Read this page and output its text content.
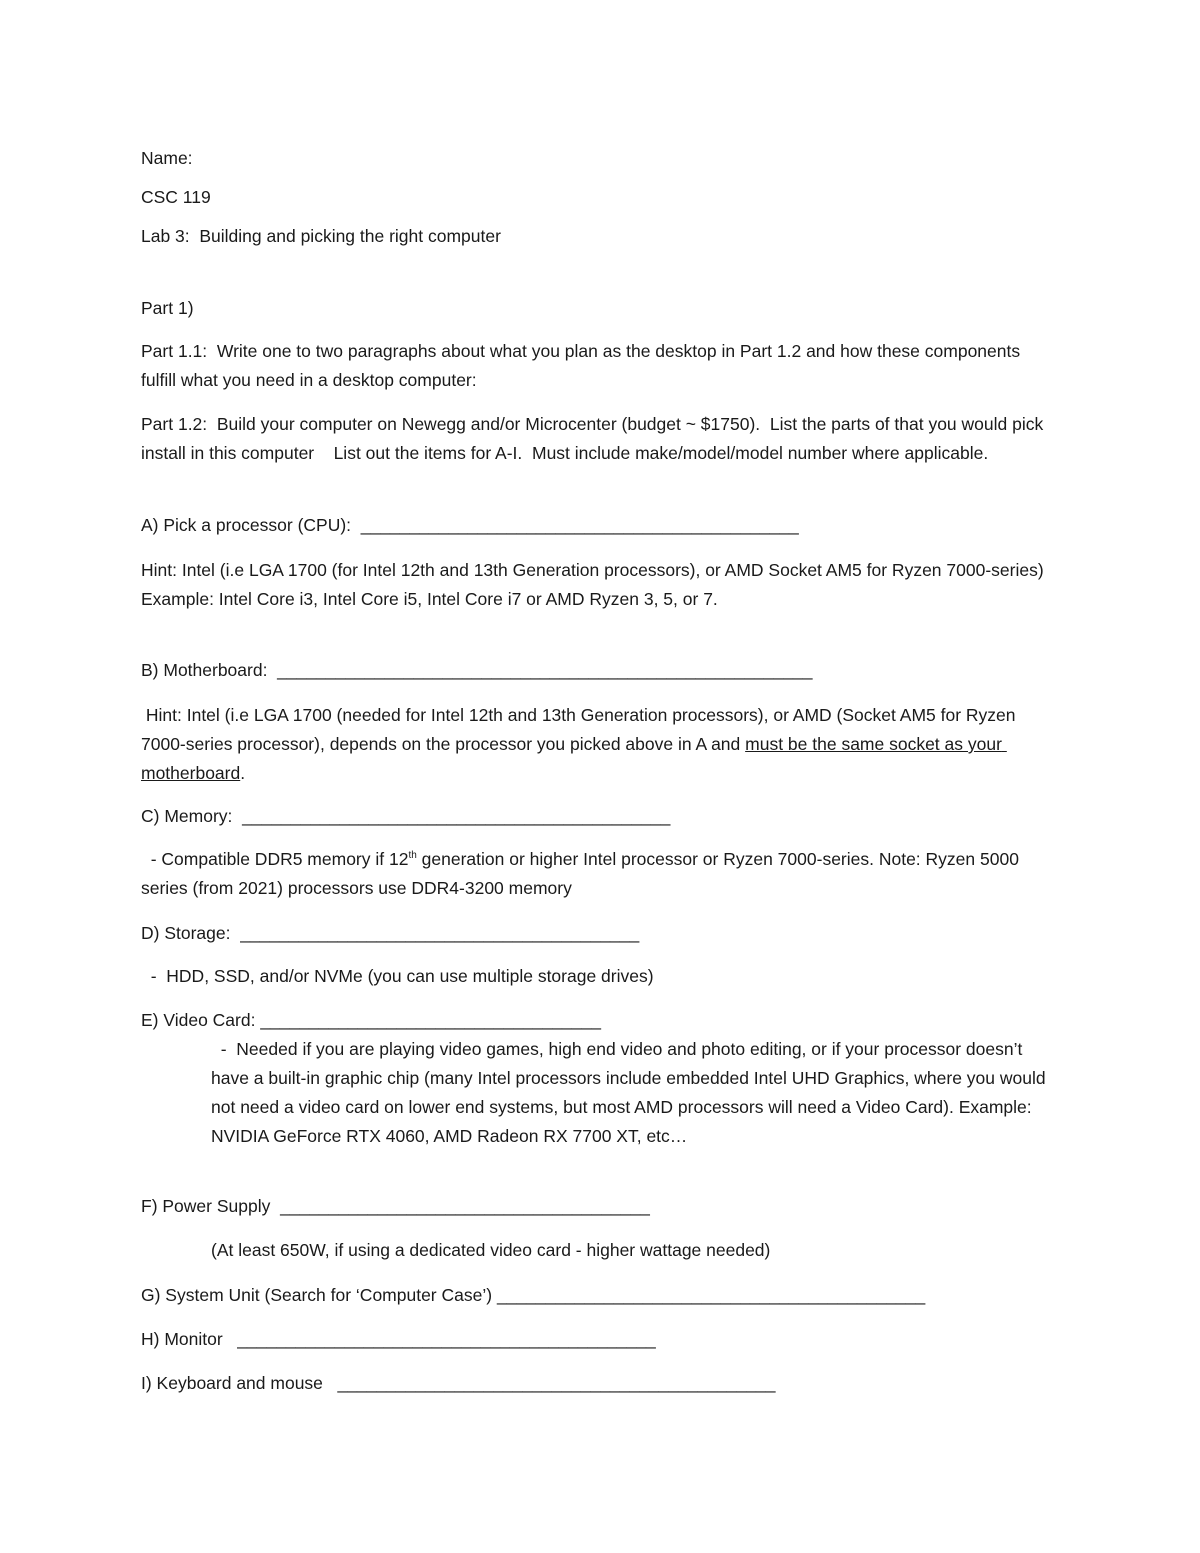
Name:

CSC 119

Lab 3:  Building and picking the right computer

Part 1)

Part 1.1:  Write one to two paragraphs about what you plan as the desktop in Part 1.2 and how these components fulfill what you need in a desktop computer:

Part 1.2:  Build your computer on Newegg and/or Microcenter (budget ~ $1750).  List the parts of that you would pick install in this computer    List out the items for A-I.  Must include make/model/model number where applicable.

A) Pick a processor (CPU):  _____________________________________________

Hint: Intel (i.e LGA 1700 (for Intel 12th and 13th Generation processors), or AMD Socket AM5 for Ryzen 7000-series)  Example: Intel Core i3, Intel Core i5, Intel Core i7 or AMD Ryzen 3, 5, or 7.

B) Motherboard:  _______________________________________________________

Hint: Intel (i.e LGA 1700 (needed for Intel 12th and 13th Generation processors), or AMD (Socket AM5 for Ryzen 7000-series processor), depends on the processor you picked above in A and must be the same socket as your motherboard.

C) Memory:  ____________________________________________

- Compatible DDR5 memory if 12th generation or higher Intel processor or Ryzen 7000-series. Note: Ryzen 5000 series (from 2021) processors use DDR4-3200 memory

D) Storage:  _________________________________________

-  HDD, SSD, and/or NVMe (you can use multiple storage drives)

E) Video Card: ___________________________________

-  Needed if you are playing video games, high end video and photo editing, or if your processor doesn’t have a built-in graphic chip (many Intel processors include embedded Intel UHD Graphics, where you would not need a video card on lower end systems, but most AMD processors will need a Video Card). Example:  NVIDIA GeForce RTX 4060, AMD Radeon RX 7700 XT, etc…

F) Power Supply  ______________________________________

(At least 650W, if using a dedicated video card - higher wattage needed)

G) System Unit (Search for ‘Computer Case’) ____________________________________________

H) Monitor   ___________________________________________

I) Keyboard and mouse   _____________________________________________
